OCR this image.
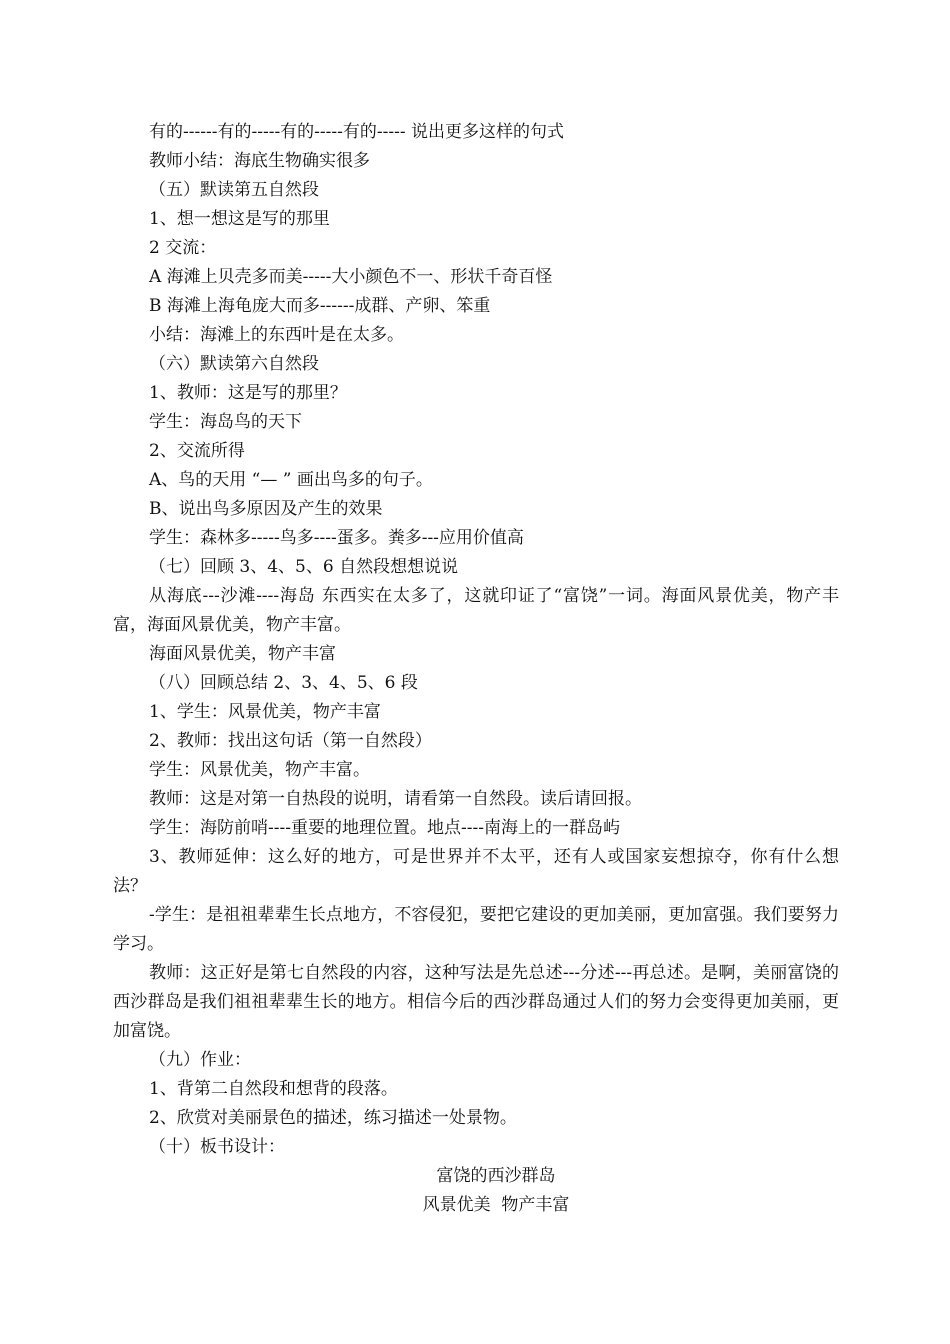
有的------有的-----有的-----有的----- 说出更多这样的句式

教师小结：海底生物确实很多

（五）默读第五自然段

1、想一想这是写的那里

2 交流：

A 海滩上贝壳多而美-----大小颜色不一、形状千奇百怪

B 海滩上海龟庞大而多------成群、产卵、笨重

小结：海滩上的东西叶是在太多。

（六）默读第六自然段

1、教师：这是写的那里？

学生：海岛鸟的天下

2、交流所得

A、鸟的天用 “— ” 画出鸟多的句子。

B、说出鸟多原因及产生的效果

学生：森林多-----鸟多----蛋多。粪多---应用价值高

（七）回顾 3、4、5、6 自然段想想说说

从海底---沙滩----海岛 东西实在太多了，这就印证了“富饶”一词。海面风景优美，物产丰富，海面风景优美，物产丰富。

海面风景优美，物产丰富

（八）回顾总结 2、3、4、5、6 段

1、学生：风景优美，物产丰富

2、教师：找出这句话（第一自然段）

学生：风景优美，物产丰富。

教师：这是对第一自热段的说明，请看第一自然段。读后请回报。

学生：海防前哨----重要的地理位置。地点----南海上的一群岛屿

3、教师延伸：这么好的地方，可是世界并不太平，还有人或国家妄想掠夺，你有什么想法？

-学生：是祖祖辈辈生长点地方，不容侵犯，要把它建设的更加美丽，更加富强。我们要努力学习。

教师：这正好是第七自然段的内容，这种写法是先总述---分述---再总述。是啊，美丽富饶的西沙群岛是我们祖祖辈辈生长的地方。相信今后的西沙群岛通过人们的努力会变得更加美丽，更加富饶。

（九）作业：

1、背第二自然段和想背的段落。

2、欣赏对美丽景色的描述，练习描述一处景物。

（十）板书设计：

富饶的西沙群岛

风景优美  物产丰富
